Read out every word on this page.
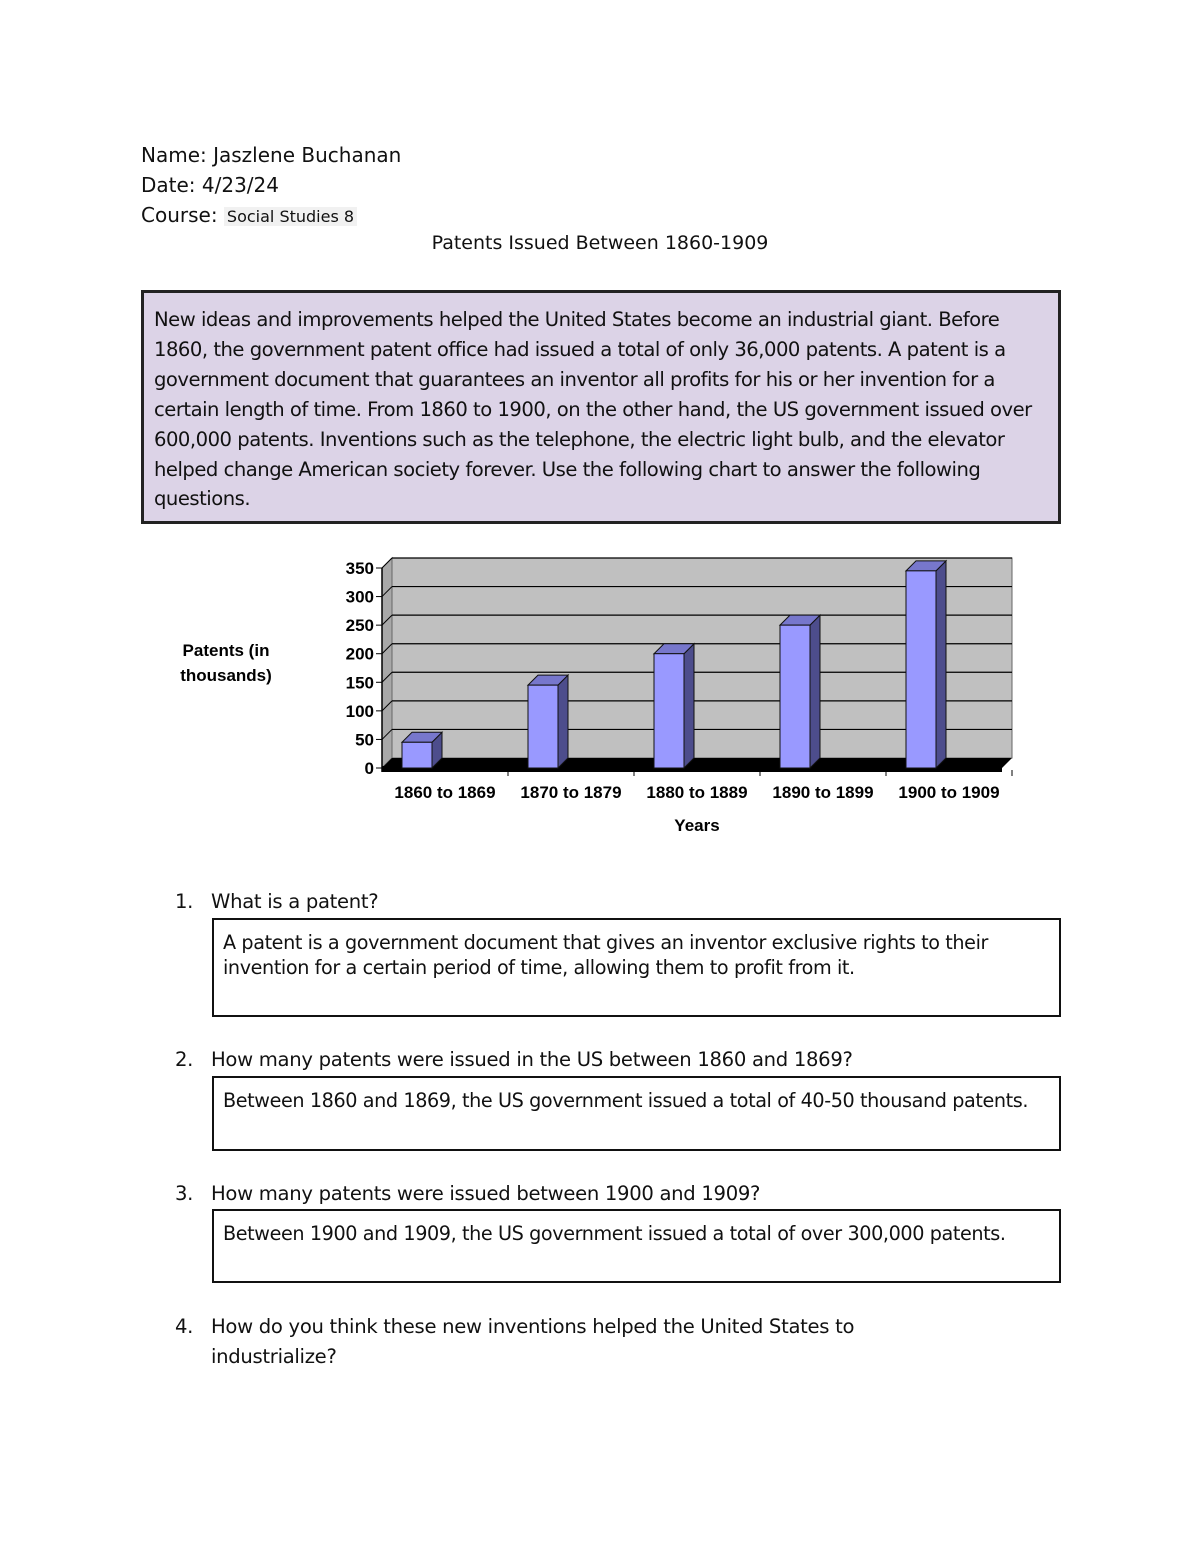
Name: Jaszlene Buchanan
Date: 4/23/24
Course: Social Studies 8
Patents Issued Between 1860-1909
New ideas and improvements helped the United States become an industrial giant. Before 1860, the government patent office had issued a total of only 36,000 patents. A patent is a government document that guarantees an inventor all profits for his or her invention for a certain length of time. From 1860 to 1900, on the other hand, the US government issued over 600,000 patents. Inventions such as the telephone, the electric light bulb, and the elevator helped change American society forever. Use the following chart to answer the following questions.
0
50
100
150
200
250
300
350
1860 to 1869 1870 to 1879 1880 to 1889 1890 to 1899 1900 to 1909
Years
Patents (in
thousands)
1. What is a patent?
A patent is a government document that gives an inventor exclusive rights to their invention for a certain period of time, allowing them to profit from it.
2. How many patents were issued in the US between 1860 and 1869?
Between 1860 and 1869, the US government issued a total of 40-50 thousand patents.
3. How many patents were issued between 1900 and 1909?
Between 1900 and 1909, the US government issued a total of over 300,000 patents.
4. How do you think these new inventions helped the United States to industrialize?
